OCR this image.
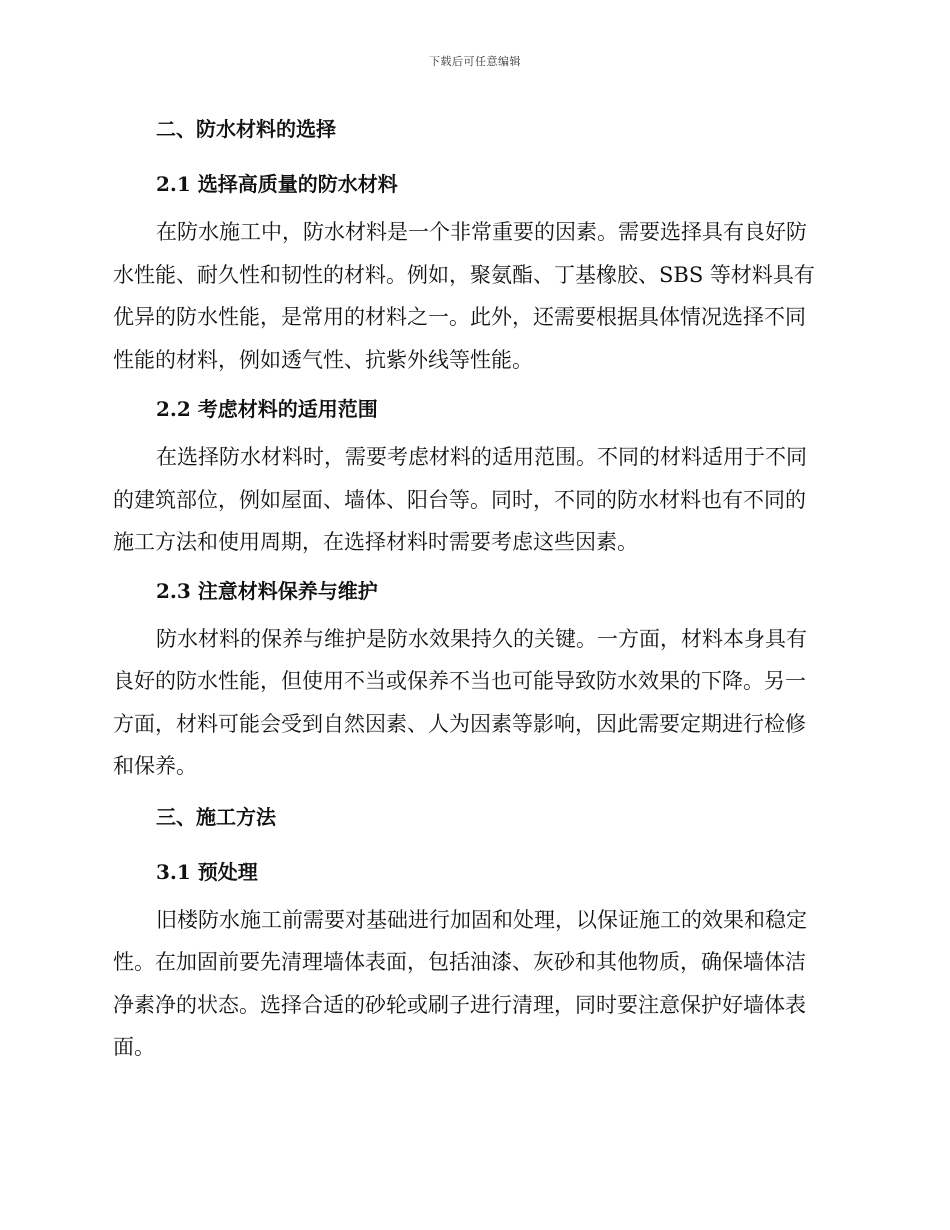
下载后可任意编辑
二、防水材料的选择
2.1 选择高质量的防水材料
在防水施工中，防水材料是一个非常重要的因素。需要选择具有良好防
水性能、耐久性和韧性的材料。例如，聚氨酯、丁基橡胶、SBS 等材料具有
优异的防水性能，是常用的材料之一。此外，还需要根据具体情况选择不同
性能的材料，例如透气性、抗紫外线等性能。
2.2 考虑材料的适用范围
在选择防水材料时，需要考虑材料的适用范围。不同的材料适用于不同
的建筑部位，例如屋面、墙体、阳台等。同时，不同的防水材料也有不同的
施工方法和使用周期，在选择材料时需要考虑这些因素。
2.3 注意材料保养与维护
防水材料的保养与维护是防水效果持久的关键。一方面，材料本身具有
良好的防水性能，但使用不当或保养不当也可能导致防水效果的下降。另一
方面，材料可能会受到自然因素、人为因素等影响，因此需要定期进行检修
和保养。
三、施工方法
3.1 预处理
旧楼防水施工前需要对基础进行加固和处理，以保证施工的效果和稳定
性。在加固前要先清理墙体表面，包括油漆、灰砂和其他物质，确保墙体洁
净素净的状态。选择合适的砂轮或刷子进行清理，同时要注意保护好墙体表
面。
